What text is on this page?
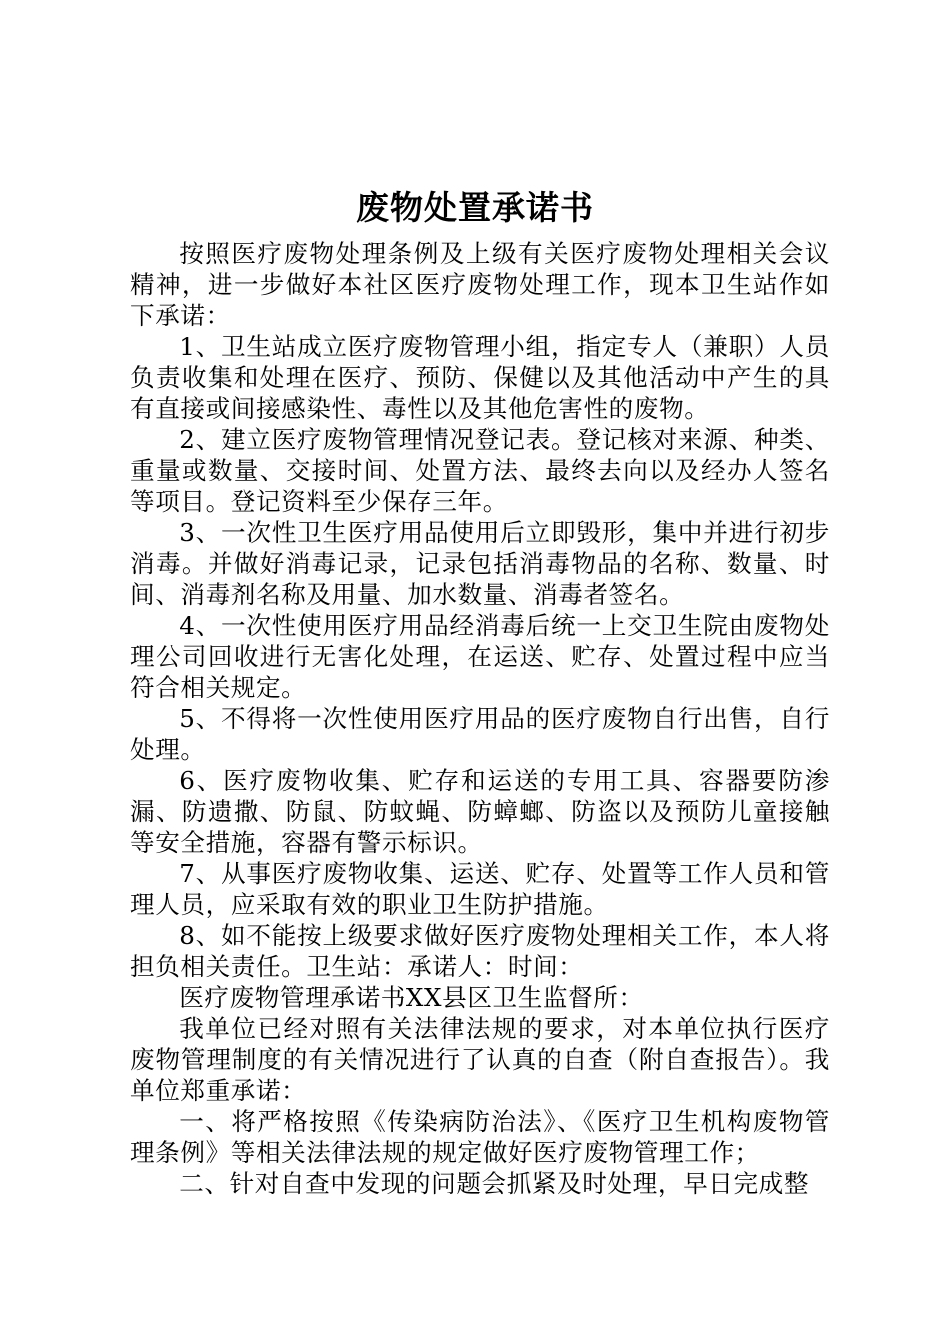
废物处置承诺书

按照医疗废物处理条例及上级有关医疗废物处理相关会议精神，进一步做好本社区医疗废物处理工作，现本卫生站作如下承诺：

1、卫生站成立医疗废物管理小组，指定专人（兼职）人员负责收集和处理在医疗、预防、保健以及其他活动中产生的具有直接或间接感染性、毒性以及其他危害性的废物。

2、建立医疗废物管理情况登记表。登记核对来源、种类、重量或数量、交接时间、处置方法、最终去向以及经办人签名等项目。登记资料至少保存三年。

3、一次性卫生医疗用品使用后立即毁形，集中并进行初步消毒。并做好消毒记录，记录包括消毒物品的名称、数量、时间、消毒剂名称及用量、加水数量、消毒者签名。

4、一次性使用医疗用品经消毒后统一上交卫生院由废物处理公司回收进行无害化处理，在运送、贮存、处置过程中应当符合相关规定。

5、不得将一次性使用医疗用品的医疗废物自行出售，自行处理。

6、医疗废物收集、贮存和运送的专用工具、容器要防渗漏、防遗撒、防鼠、防蚊蝇、防蟑螂、防盗以及预防儿童接触等安全措施，容器有警示标识。

7、从事医疗废物收集、运送、贮存、处置等工作人员和管理人员，应采取有效的职业卫生防护措施。

8、如不能按上级要求做好医疗废物处理相关工作，本人将担负相关责任。卫生站：承诺人：时间：

医疗废物管理承诺书XX县区卫生监督所：

我单位已经对照有关法律法规的要求，对本单位执行医疗废物管理制度的有关情况进行了认真的自查（附自查报告）。我单位郑重承诺：

一、将严格按照《传染病防治法》、《医疗卫生机构废物管理条例》等相关法律法规的规定做好医疗废物管理工作；

二、针对自查中发现的问题会抓紧及时处理，早日完成整
